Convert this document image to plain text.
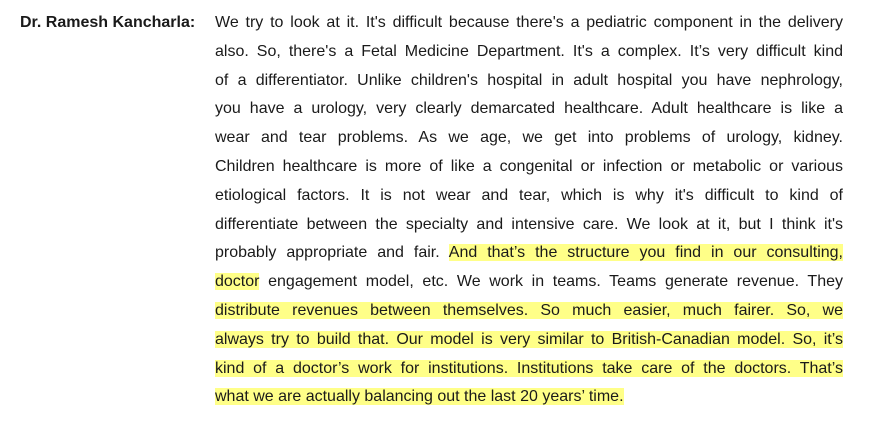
Dr. Ramesh Kancharla: We try to look at it. It's difficult because there's a pediatric component in the delivery
also. So, there's a Fetal Medicine Department. It's a complex. It’s very difficult kind
of a differentiator. Unlike children's hospital in adult hospital you have nephrology,
you have a urology, very clearly demarcated healthcare. Adult healthcare is like a
wear and tear problems. As we age, we get into problems of urology, kidney.
Children healthcare is more of like a congenital or infection or metabolic or various
etiological factors. It is not wear and tear, which is why it's difficult to kind of
differentiate between the specialty and intensive care. We look at it, but I think it's
probably appropriate and fair. And that’s the structure you find in our consulting,
doctor engagement model, etc. We work in teams. Teams generate revenue. They
distribute revenues between themselves. So much easier, much fairer. So, we
always try to build that. Our model is very similar to British-Canadian model. So, it’s
kind of a doctor’s work for institutions. Institutions take care of the doctors. That’s
what we are actually balancing out the last 20 years’ time.
